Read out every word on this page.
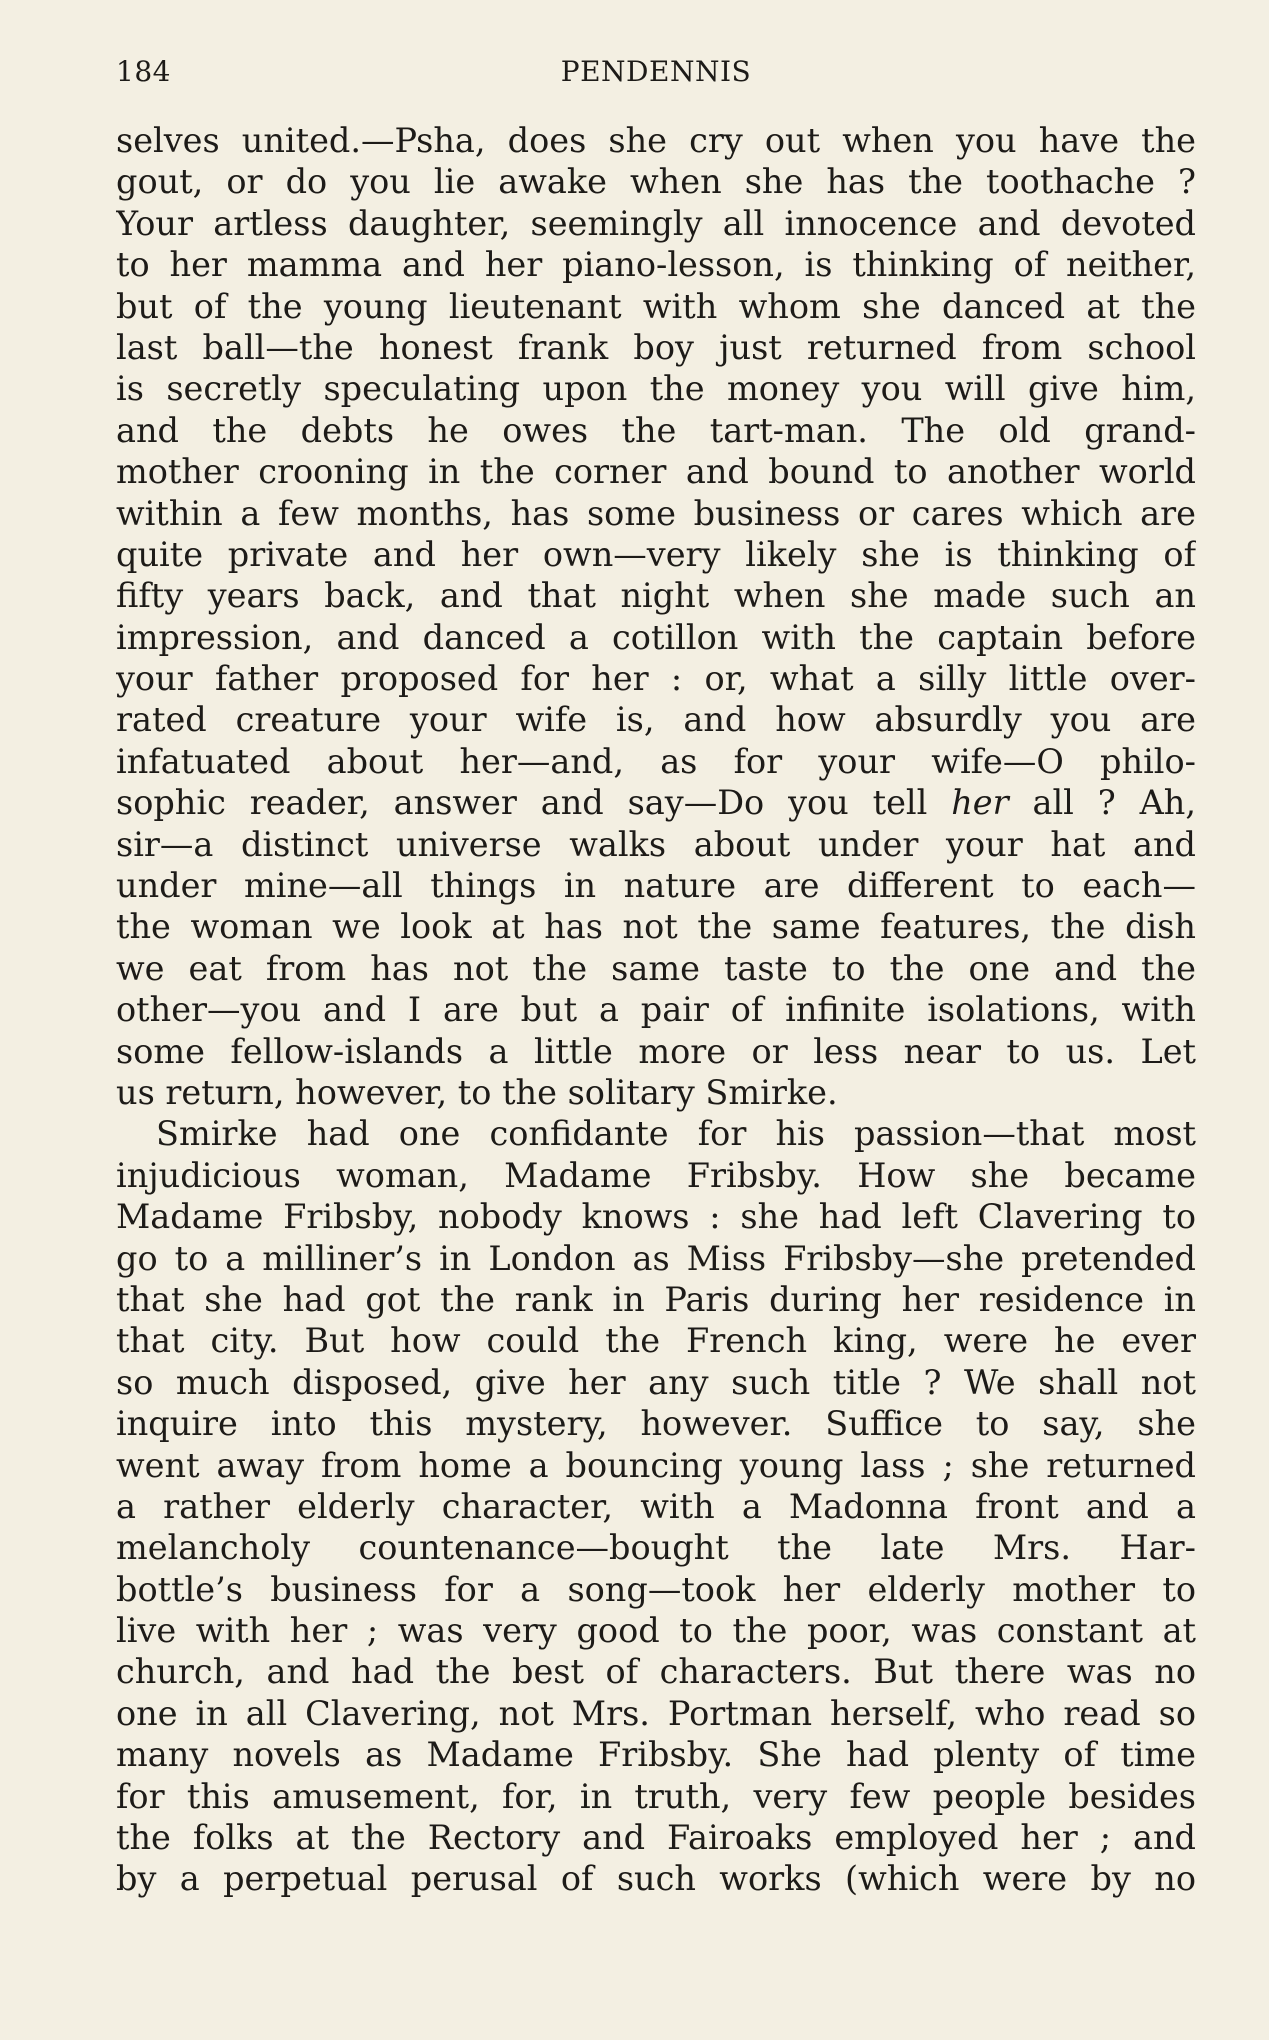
184	PENDENNIS
selves united.—Psha, does she cry out when you have the
gout, or do you lie awake when she has the toothache ?
Your artless daughter, seemingly all innocence and devoted
to her mamma and her piano-lesson, is thinking of neither,
but of the young lieutenant with whom she danced at the
last ball—the honest frank boy just returned from school
is secretly speculating upon the money you will give him,
and the debts he owes the tart-man. The old grand-
mother crooning in the corner and bound to another world
within a few months, has some business or cares which are
quite private and her own—very likely she is thinking of
fifty years back, and that night when she made such an
impression, and danced a cotillon with the captain before
your father proposed for her : or, what a silly little over-
rated creature your wife is, and how absurdly you are
infatuated about her—and, as for your wife—O philo-
sophic reader, answer and say—Do you tell her all ? Ah,
sir—a distinct universe walks about under your hat and
under mine—all things in nature are different to each—
the woman we look at has not the same features, the dish
we eat from has not the same taste to the one and the
other—you and I are but a pair of infinite isolations, with
some fellow-islands a little more or less near to us. Let
us return, however, to the solitary Smirke.
Smirke had one confidante for his passion—that most
injudicious woman, Madame Fribsby. How she became
Madame Fribsby, nobody knows : she had left Clavering to
go to a milliner’s in London as Miss Fribsby—she pretended
that she had got the rank in Paris during her residence in
that city. But how could the French king, were he ever
so much disposed, give her any such title ? We shall not
inquire into this mystery, however. Suffice to say, she
went away from home a bouncing young lass ; she returned
a rather elderly character, with a Madonna front and a
melancholy countenance—bought the late Mrs. Har-
bottle’s business for a song—took her elderly mother to
live with her ; was very good to the poor, was constant at
church, and had the best of characters. But there was no
one in all Clavering, not Mrs. Portman herself, who read so
many novels as Madame Fribsby. She had plenty of time
for this amusement, for, in truth, very few people besides
the folks at the Rectory and Fairoaks employed her ; and
by a perpetual perusal of such works (which were by no
